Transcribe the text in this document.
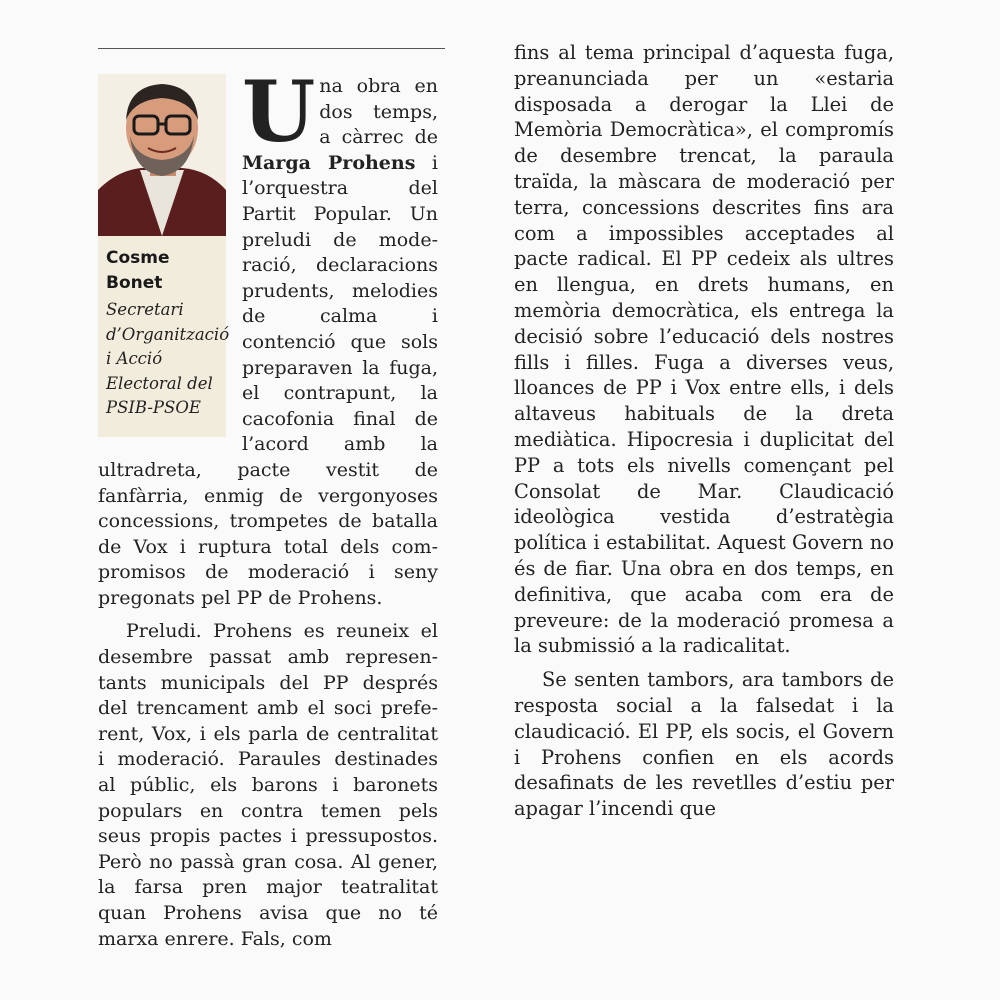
Cosme
Bonet
Secretari d’Organització i Acció Electoral del PSIB-PSOE

Una obra en dos temps, a càrrec de Marga Prohens i l’orquestra del Partit Popular. Un preludi de moderació, declaracions prudents, melodies de calma i contenció que sols preparaven la fuga, el contrapunt, la cacofonia final de l’acord amb la ultradreta, pacte vestit de fanfàrria, enmig de vergonyoses concessions, trompetes de batalla de Vox i ruptura total dels compromisos de moderació i seny pregonats pel PP de Prohens.

Preludi. Prohens es reuneix el desembre passat amb representants municipals del PP després del trencament amb el soci preferent, Vox, i els parla de centralitat i moderació. Paraules destinades al públic, els barons i baronets populars en contra temen pels seus propis pactes i pressupostos. Però no passà gran cosa. Al gener, la farsa pren major teatralitat quan Prohens avisa que no té marxa enrere. Fals, com

fins al tema principal d’aquesta fuga, preanunciada per un «estaria disposada a derogar la Llei de Memòria Democràtica», el compromís de desembre trencat, la paraula traïda, la màscara de moderació per terra, concessions descrites fins ara com a impossibles acceptades al pacte radical. El PP cedeix als ultres en llengua, en drets humans, en memòria democràtica, els entrega la decisió sobre l’educació dels nostres fills i filles. Fuga a diverses veus, lloances de PP i Vox entre ells, i dels altaveus habituals de la dreta mediàtica. Hipocresia i duplicitat del PP a tots els nivells començant pel Consolat de Mar. Claudicació ideològica vestida d’estratègia política i estabilitat. Aquest Govern no és de fiar. Una obra en dos temps, en definitiva, que acaba com era de preveure: de la moderació promesa a la submissió a la radicalitat.

Se senten tambors, ara tambors de resposta social a la falsedat i la claudicació. El PP, els socis, el Govern i Prohens confien en els acords desafinats de les revetlles d’estiu per apagar l’incendi que
